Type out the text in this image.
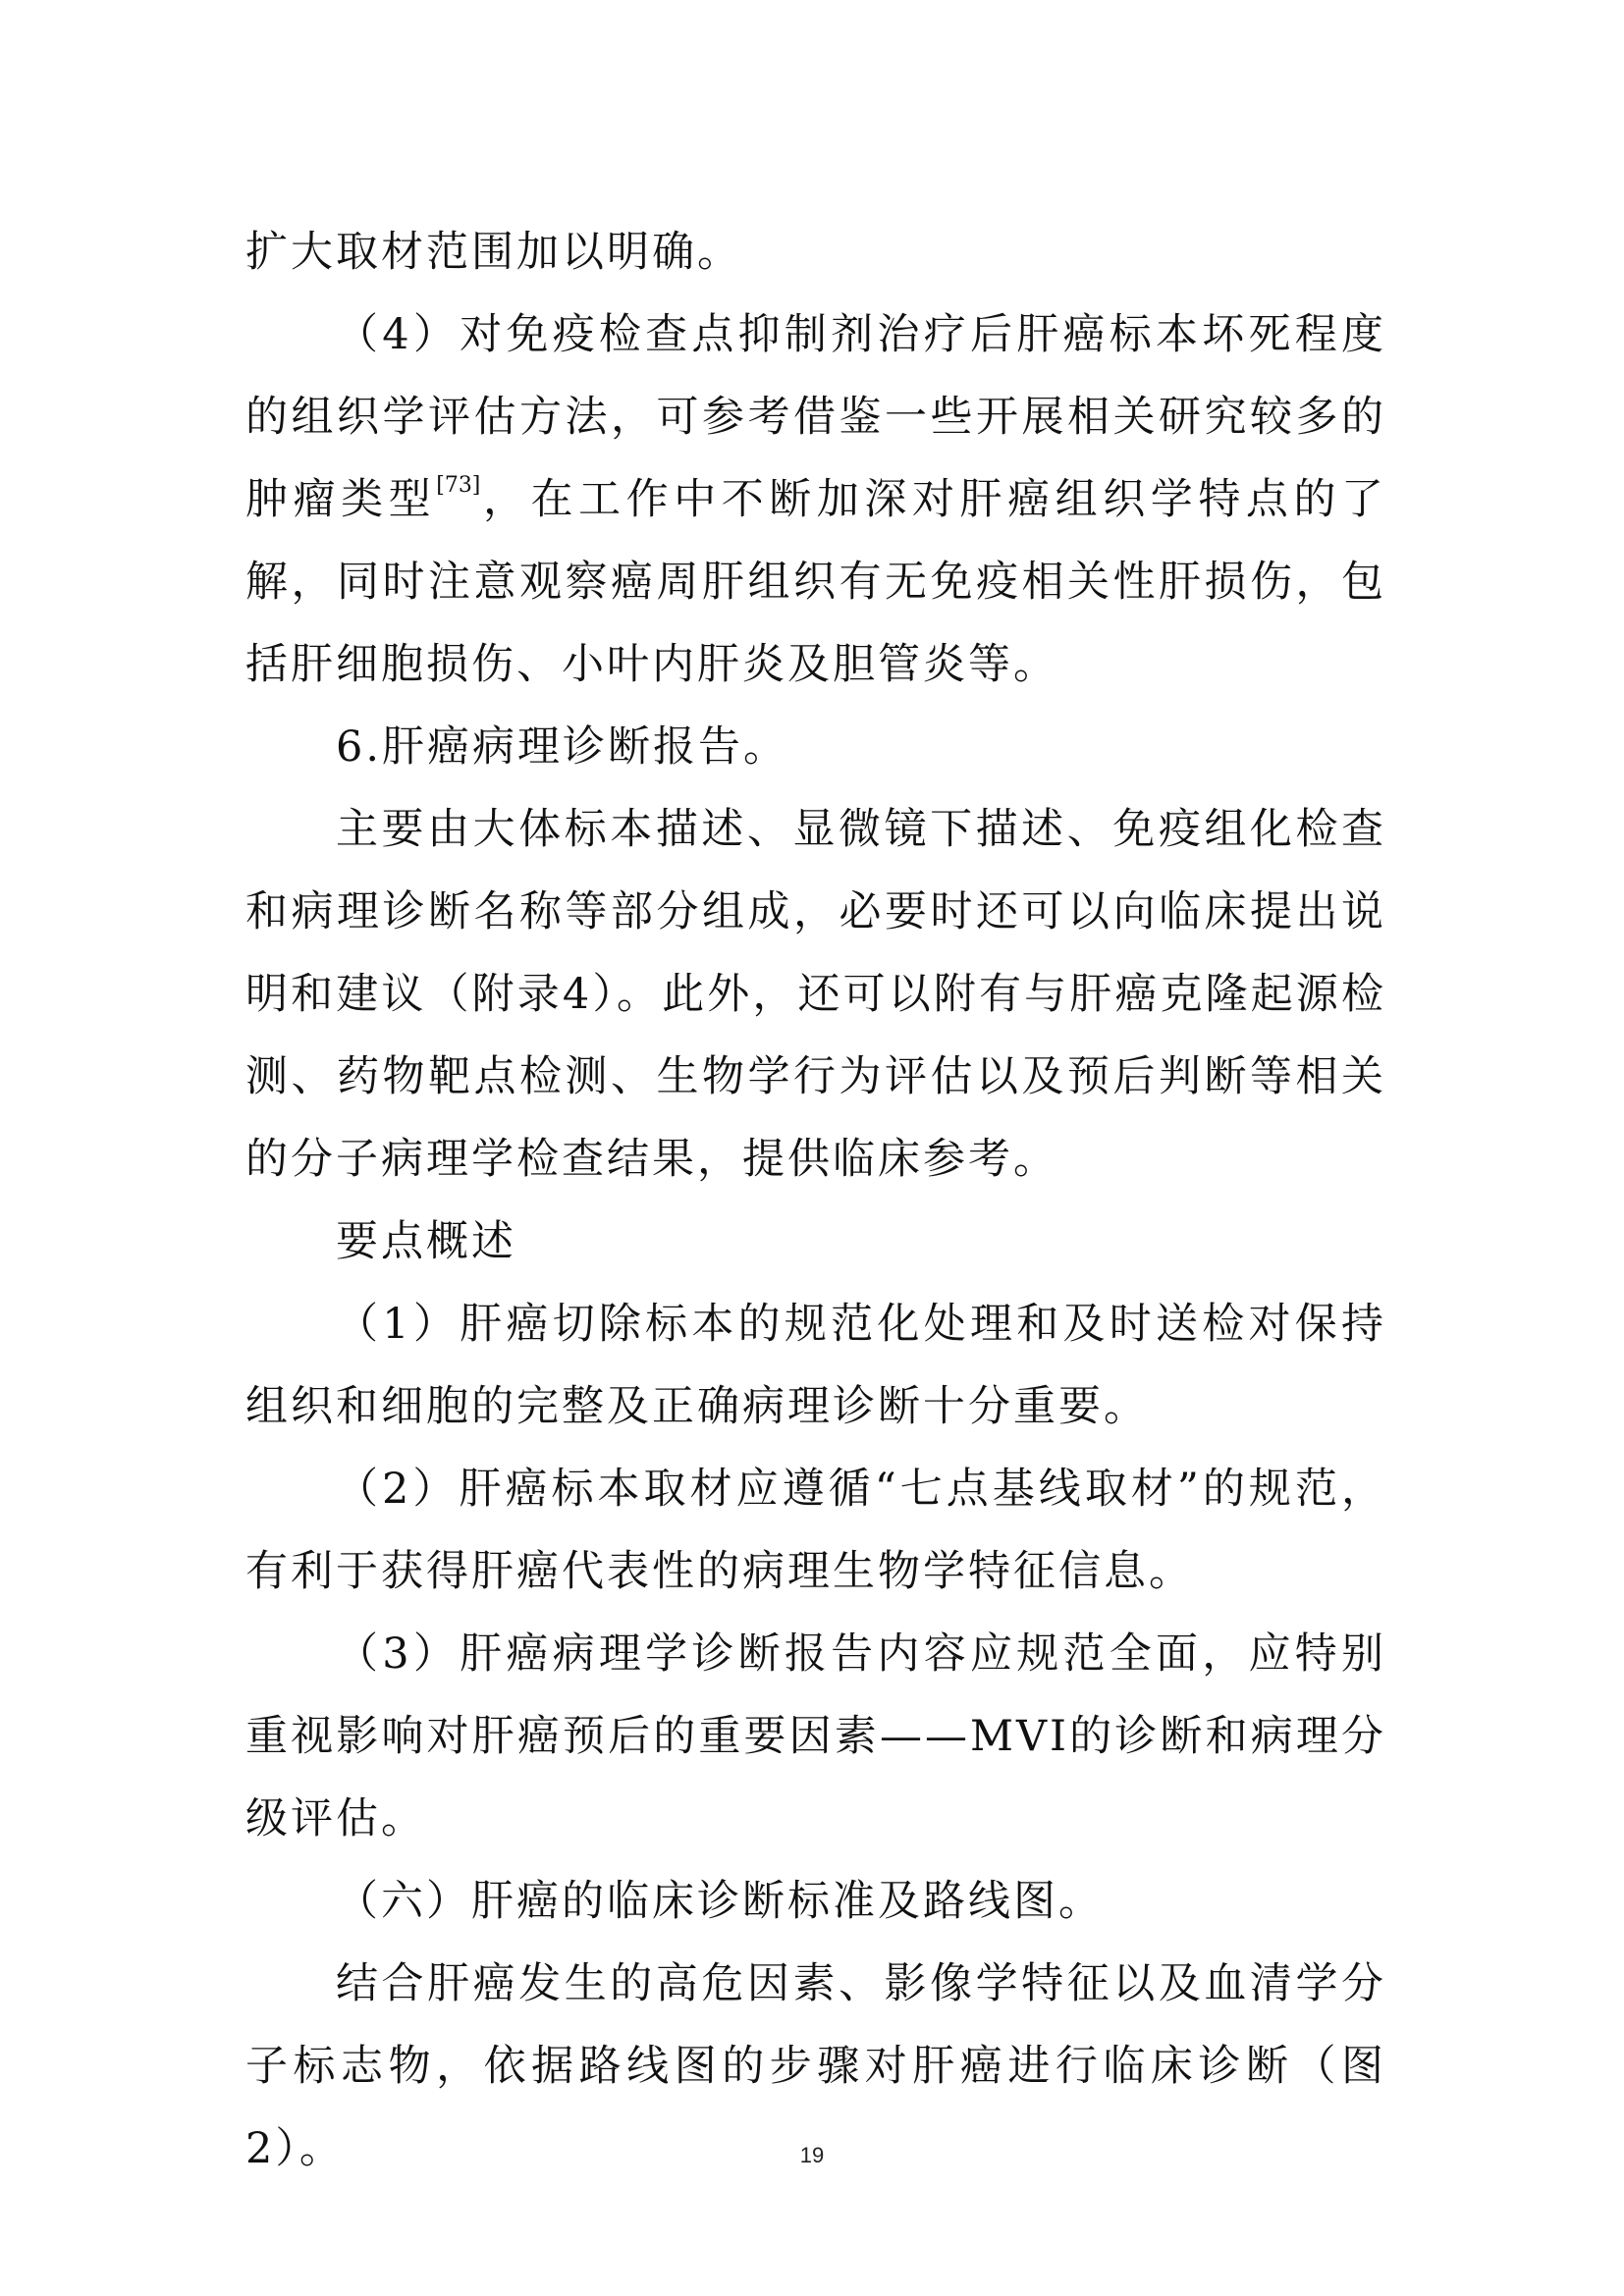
扩大取材范围加以明确。

（4）对免疫检查点抑制剂治疗后肝癌标本坏死程度的组织学评估方法，可参考借鉴一些开展相关研究较多的肿瘤类型[73]，在工作中不断加深对肝癌组织学特点的了解，同时注意观察癌周肝组织有无免疫相关性肝损伤，包括肝细胞损伤、小叶内肝炎及胆管炎等。

6.肝癌病理诊断报告。

主要由大体标本描述、显微镜下描述、免疫组化检查和病理诊断名称等部分组成，必要时还可以向临床提出说明和建议（附录4）。此外，还可以附有与肝癌克隆起源检测、药物靶点检测、生物学行为评估以及预后判断等相关的分子病理学检查结果，提供临床参考。

要点概述

（1）肝癌切除标本的规范化处理和及时送检对保持组织和细胞的完整及正确病理诊断十分重要。

（2）肝癌标本取材应遵循“七点基线取材”的规范，有利于获得肝癌代表性的病理生物学特征信息。

（3）肝癌病理学诊断报告内容应规范全面，应特别重视影响对肝癌预后的重要因素——MVI的诊断和病理分级评估。

（六）肝癌的临床诊断标准及路线图。

结合肝癌发生的高危因素、影像学特征以及血清学分子标志物，依据路线图的步骤对肝癌进行临床诊断（图2）。	19
